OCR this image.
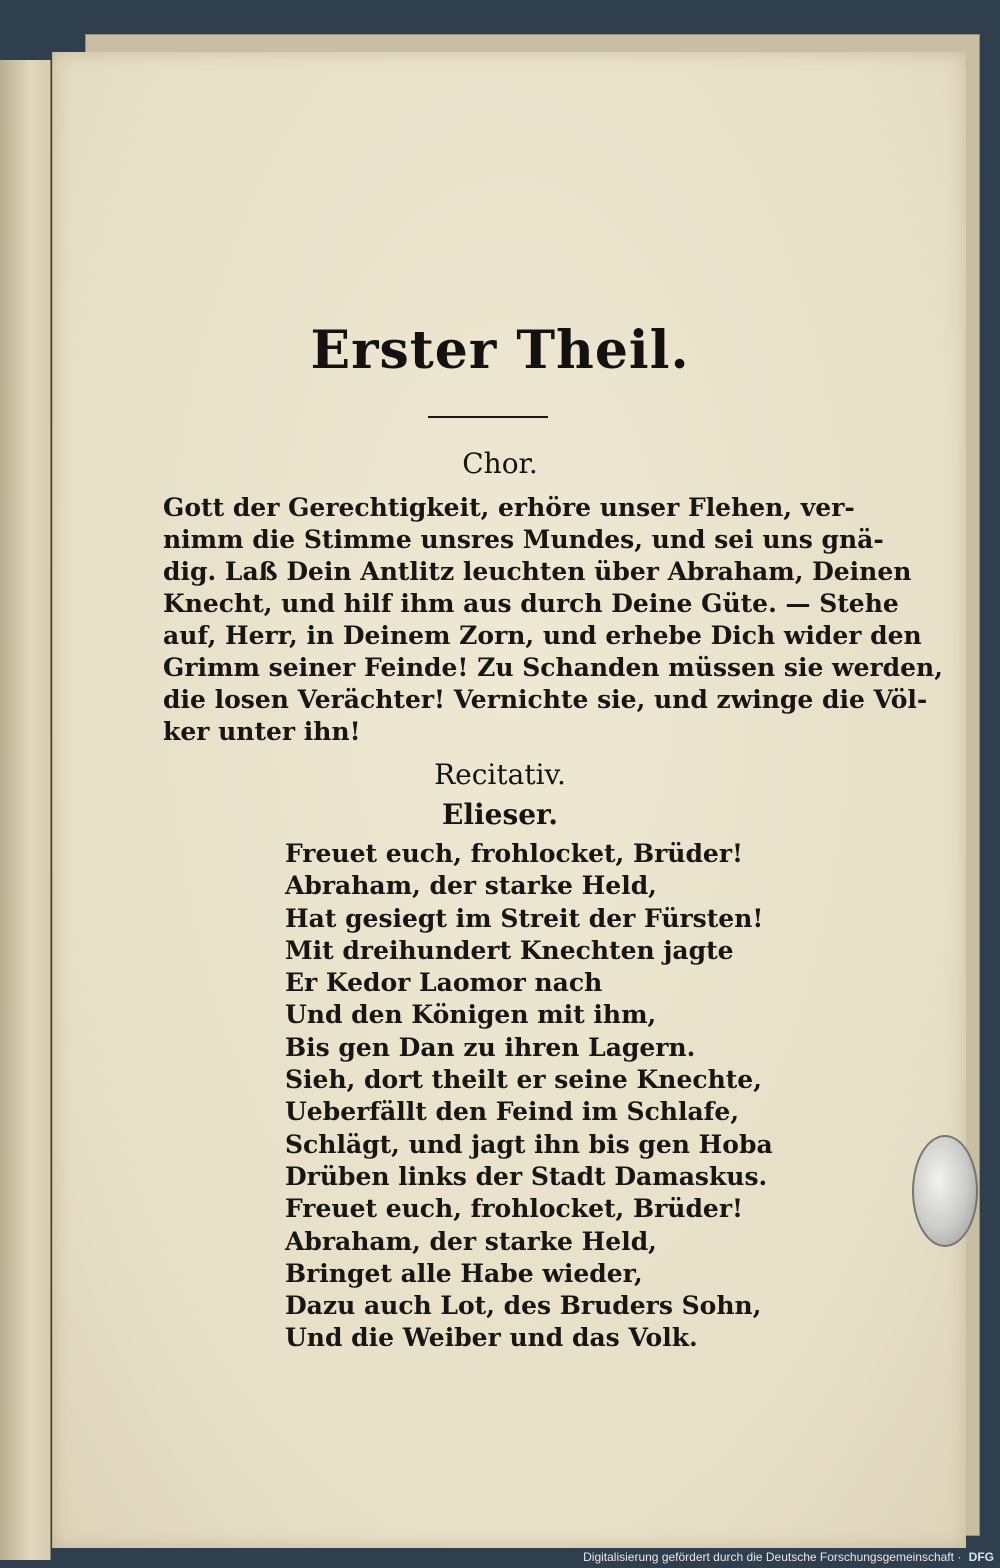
Erster Theil.
Chor.
Gott der Gerechtigkeit, erhöre unser Flehen, ver-
nimm die Stimme unsres Mundes, und sei uns gnä-
dig. Laß Dein Antlitz leuchten über Abraham, Deinen
Knecht, und hilf ihm aus durch Deine Güte. — Stehe
auf, Herr, in Deinem Zorn, und erhebe Dich wider den
Grimm seiner Feinde! Zu Schanden müssen sie werden,
die losen Verächter! Vernichte sie, und zwinge die Völ-
ker unter ihn!
Recitativ.
Elieser.
Freuet euch, frohlocket, Brüder!
Abraham, der starke Held,
Hat gesiegt im Streit der Fürsten!
Mit dreihundert Knechten jagte
Er Kedor Laomor nach
Und den Königen mit ihm,
Bis gen Dan zu ihren Lagern.
Sieh, dort theilt er seine Knechte,
Ueberfällt den Feind im Schlafe,
Schlägt, und jagt ihn bis gen Hoba
Drüben links der Stadt Damaskus.
Freuet euch, frohlocket, Brüder!
Abraham, der starke Held,
Bringet alle Habe wieder,
Dazu auch Lot, des Bruders Sohn,
Und die Weiber und das Volk.
Digitalisierung gefördert durch die Deutsche Forschungsgemeinschaft · DFG
